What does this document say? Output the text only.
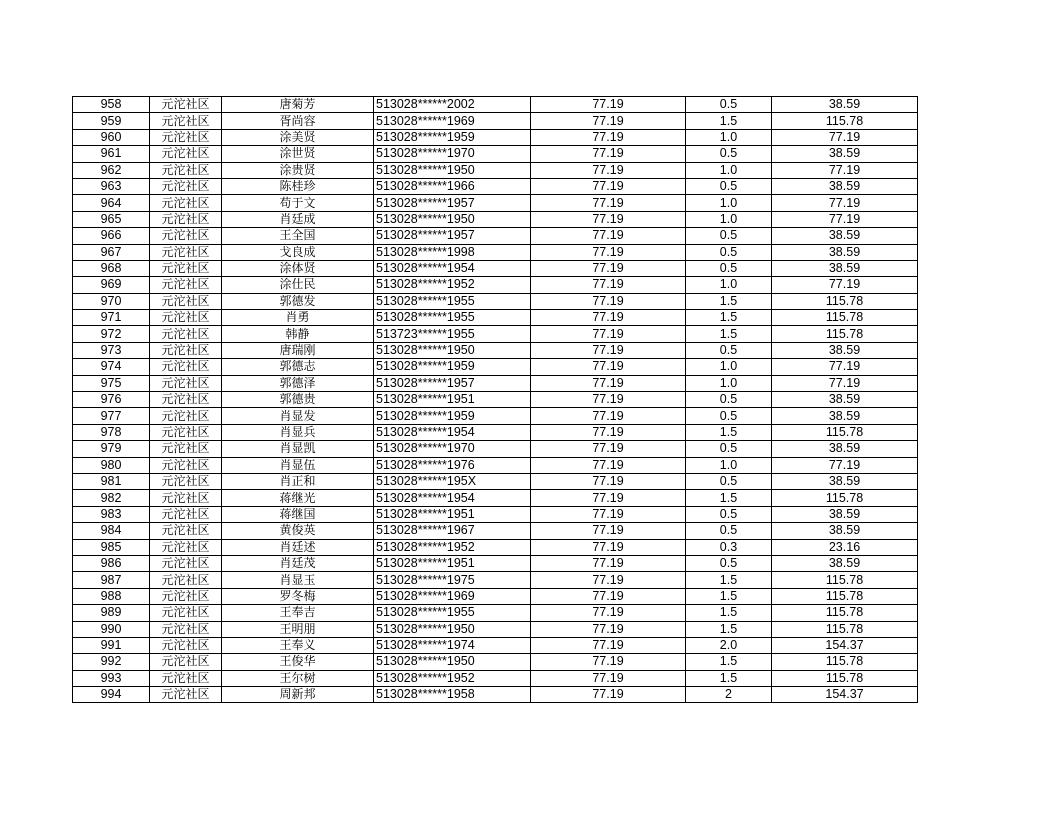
958	元沱社区	唐菊芳	513028******2002	77.19	0.5	38.59
959	元沱社区	胥尚容	513028******1969	77.19	1.5	115.78
960	元沱社区	涂美贤	513028******1959	77.19	1.0	77.19
961	元沱社区	涂世贤	513028******1970	77.19	0.5	38.59
962	元沱社区	涂贵贤	513028******1950	77.19	1.0	77.19
963	元沱社区	陈桂珍	513028******1966	77.19	0.5	38.59
964	元沱社区	苟于文	513028******1957	77.19	1.0	77.19
965	元沱社区	肖廷成	513028******1950	77.19	1.0	77.19
966	元沱社区	王全国	513028******1957	77.19	0.5	38.59
967	元沱社区	戈良成	513028******1998	77.19	0.5	38.59
968	元沱社区	涂体贤	513028******1954	77.19	0.5	38.59
969	元沱社区	涂仕民	513028******1952	77.19	1.0	77.19
970	元沱社区	郭德发	513028******1955	77.19	1.5	115.78
971	元沱社区	肖勇	513028******1955	77.19	1.5	115.78
972	元沱社区	韩静	513723******1955	77.19	1.5	115.78
973	元沱社区	唐瑞刚	513028******1950	77.19	0.5	38.59
974	元沱社区	郭德志	513028******1959	77.19	1.0	77.19
975	元沱社区	郭德泽	513028******1957	77.19	1.0	77.19
976	元沱社区	郭德贵	513028******1951	77.19	0.5	38.59
977	元沱社区	肖显发	513028******1959	77.19	0.5	38.59
978	元沱社区	肖显兵	513028******1954	77.19	1.5	115.78
979	元沱社区	肖显凯	513028******1970	77.19	0.5	38.59
980	元沱社区	肖显伍	513028******1976	77.19	1.0	77.19
981	元沱社区	肖正和	513028******195X	77.19	0.5	38.59
982	元沱社区	蒋继光	513028******1954	77.19	1.5	115.78
983	元沱社区	蒋继国	513028******1951	77.19	0.5	38.59
984	元沱社区	黄俊英	513028******1967	77.19	0.5	38.59
985	元沱社区	肖廷述	513028******1952	77.19	0.3	23.16
986	元沱社区	肖廷茂	513028******1951	77.19	0.5	38.59
987	元沱社区	肖显玉	513028******1975	77.19	1.5	115.78
988	元沱社区	罗冬梅	513028******1969	77.19	1.5	115.78
989	元沱社区	王奉吉	513028******1955	77.19	1.5	115.78
990	元沱社区	王明朋	513028******1950	77.19	1.5	115.78
991	元沱社区	王奉义	513028******1974	77.19	2.0	154.37
992	元沱社区	王俊华	513028******1950	77.19	1.5	115.78
993	元沱社区	王尔树	513028******1952	77.19	1.5	115.78
994	元沱社区	周新邦	513028******1958	77.19	2	154.37
